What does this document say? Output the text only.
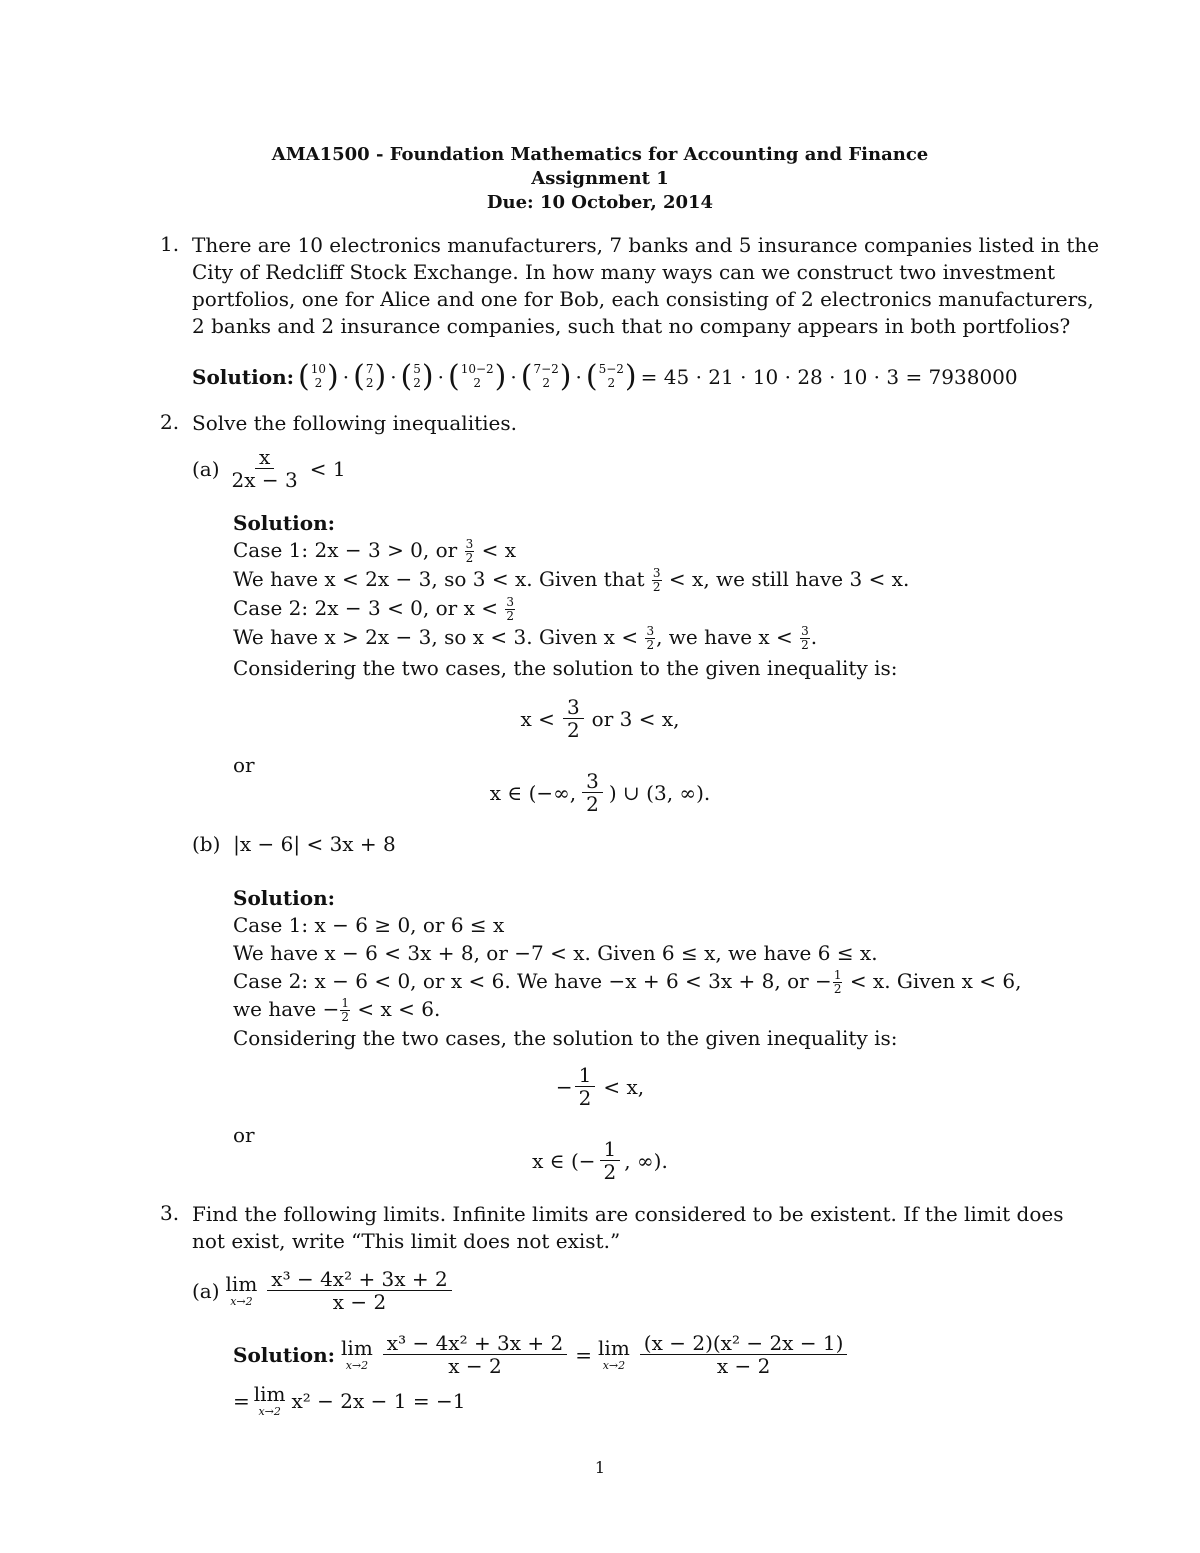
AMA1500 - Foundation Mathematics for Accounting and Finance
Assignment 1
Due: 10 October, 2014
1. There are 10 electronics manufacturers, 7 banks and 5 insurance companies listed in the
City of Redcliff Stock Exchange. In how many ways can we construct two investment
portfolios, one for Alice and one for Bob, each consisting of 2 electronics manufacturers,
2 banks and 2 insurance companies, such that no company appears in both portfolios?
Solution: ( 10
2 ) · ( 7
2 ) · ( 5
2 ) · ( 10−2
2 ) · ( 7−2
2 ) · ( 5−2
2 ) = 45 · 21 · 10 · 28 · 10 · 3 = 7938000
2. Solve the following inequalities.
$(a) \frac{x}{2x - 3} < 1$
Solution:
Case 1: 2x − 3 > 0, or $\frac{3}{2} < x$
We have x < 2x − 3, so 3 < x. Given that $\frac{3}{2} < x$, we still have 3 < x.
Case 2: 2x − 3 < 0, or $x < \frac{3}{2}$
We have x > 2x − 3, so x < 3. Given $x < \frac{3}{2}$ , we have $x < \frac{3}{2}$ .
Considering the two cases, the solution to the given inequality is:
$x < \frac{3}{2}$ or 3 < x,
or
x ∈ (−∞, $\frac{3}{2}$ ) ∪ (3, ∞).
(b) |x − 6| < 3x + 8
Solution:
Case 1: x − 6 ≥ 0, or 6 ≤ x
We have x − 6 < 3x + 8, or −7 < x. Given 6 ≤ x, we have 6 ≤ x.
Case 2: x − 6 < 0, or x < 6. We have −x + 6 < 3x + 8, or − $\frac{1}{2} < x$. Given x < 6,
we have − $\frac{1}{2} < x < 6$.
Considering the two cases, the solution to the given inequality is:
− $\frac{1}{2} < x$,
or
x ∈ (− $\frac{1}{2}$ , ∞).
3. Find the following limits. Infinite limits are considered to be existent. If the limit does
not exist, write “This limit does not exist.”
(a) lim
$x\to 2 \frac{\text{x³ − 4x² + 3x + 2}}{x - 2}$
Solution: lim
$x\to 2 \frac{\text{x³ − 4x² + 3x + 2}}{x - 2} = \lim$
$x\to 2 \frac{\text{(x − 2)(x² − 2x − 1)}}{x - 2}$
= lim
x→2 x² − 2x − 1 = −1
1
